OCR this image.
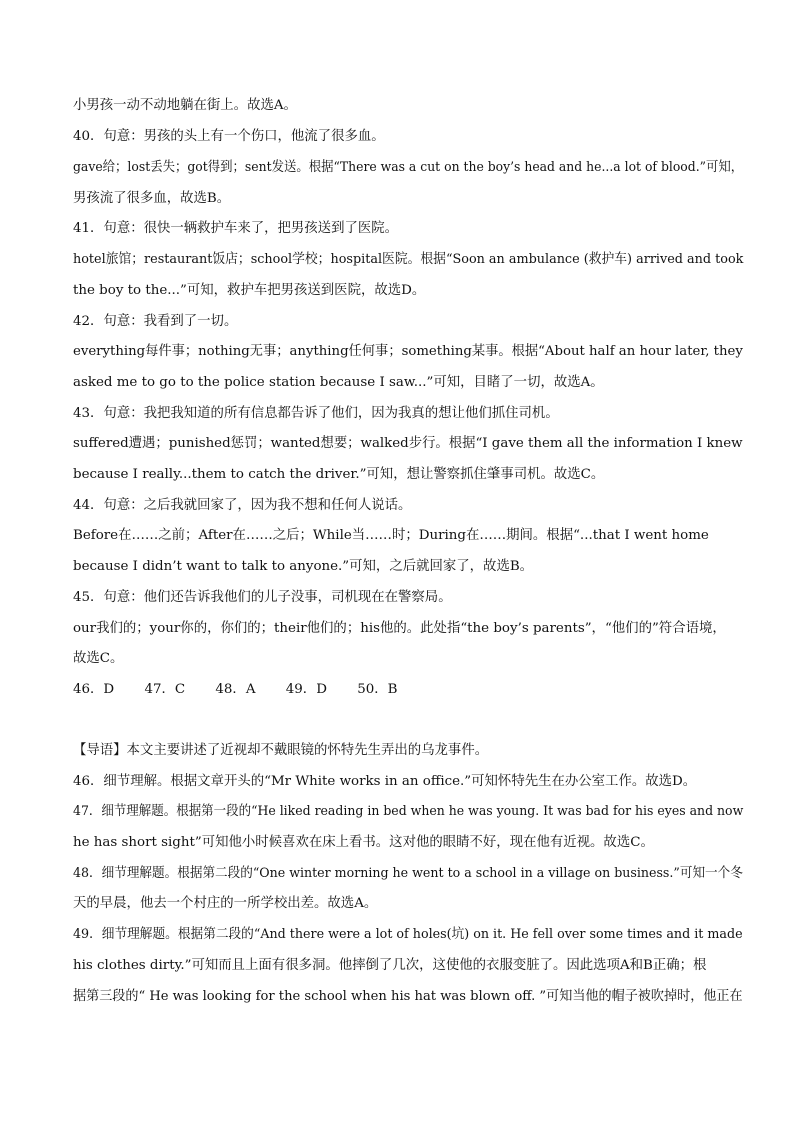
小男孩一动不动地躺在街上。故选A。
40．句意：男孩的头上有一个伤口，他流了很多血。
gave给；lost丢失；got得到；sent发送。根据“There was a cut on the boy’s head and he...a lot of blood.”可知，
男孩流了很多血，故选B。
41．句意：很快一辆救护车来了，把男孩送到了医院。
hotel旅馆；restaurant饭店；school学校；hospital医院。根据“Soon an ambulance (救护车) arrived and took
the boy to the...”可知，救护车把男孩送到医院，故选D。
42．句意：我看到了一切。
everything每件事；nothing无事；anything任何事；something某事。根据“About half an hour later, they
asked me to go to the police station because I saw...”可知，目睹了一切，故选A。
43．句意：我把我知道的所有信息都告诉了他们，因为我真的想让他们抓住司机。
suffered遭遇；punished惩罚；wanted想要；walked步行。根据“I gave them all the information I knew
because I really...them to catch the driver.”可知，想让警察抓住肇事司机。故选C。
44．句意：之后我就回家了，因为我不想和任何人说话。
Before在……之前；After在……之后；While当……时；During在……期间。根据“...that I went home
because I didn’t want to talk to anyone.”可知，之后就回家了，故选B。
45．句意：他们还告诉我他们的儿子没事，司机现在在警察局。
our我们的；your你的，你们的；their他们的；his他的。此处指“the boy’s parents”，“他们的”符合语境，
故选C。
46．D 47．C 48．A 49．D 50．B
【导语】本文主要讲述了近视却不戴眼镜的怀特先生弄出的乌龙事件。
46．细节理解。根据文章开头的“Mr White works in an office.”可知怀特先生在办公室工作。故选D。
47．细节理解题。根据第一段的“He liked reading in bed when he was young. It was bad for his eyes and now
he has short sight”可知他小时候喜欢在床上看书。这对他的眼睛不好，现在他有近视。故选C。
48．细节理解题。根据第二段的“One winter morning he went to a school in a village on business.”可知一个冬
天的早晨，他去一个村庄的一所学校出差。故选A。
49．细节理解题。根据第二段的“And there were a lot of holes(坑) on it. He fell over some times and it made
his clothes dirty.”可知而且上面有很多洞。他摔倒了几次，这使他的衣服变脏了。因此选项A和B正确；根
据第三段的“ He was looking for the school when his hat was blown off. ”可知当他的帽子被吹掉时，他正在
